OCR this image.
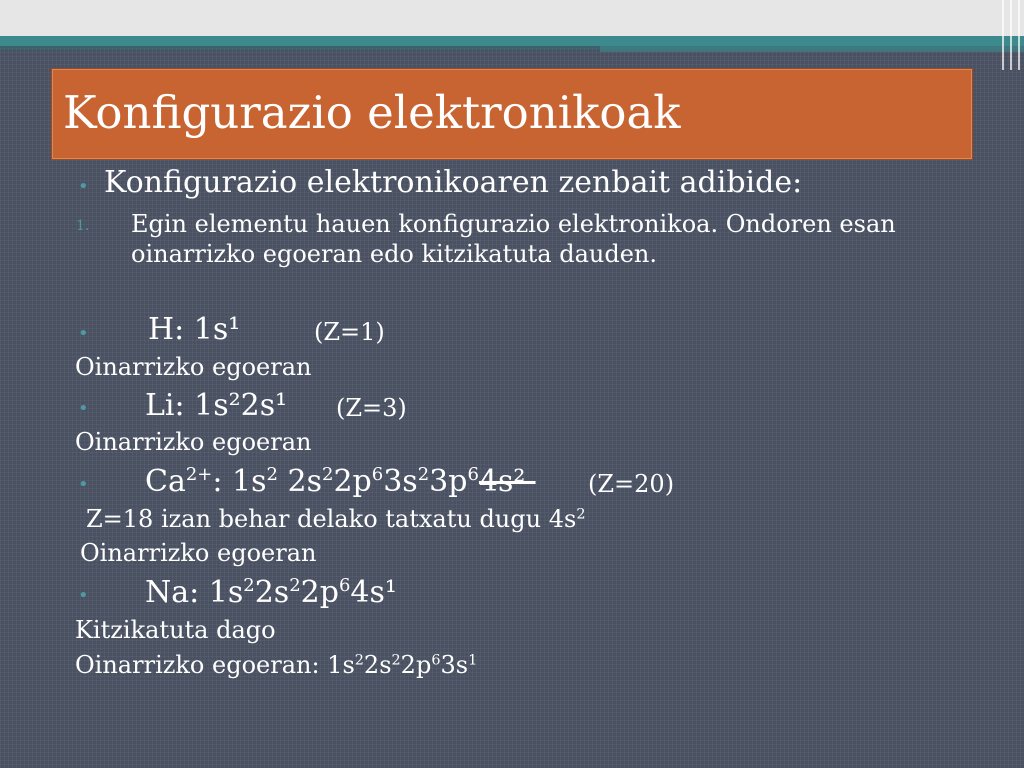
Konfigurazio elektronikoak
• Konfigurazio elektronikoaren zenbait adibide:
1. Egin elementu hauen konfigurazio elektronikoa. Ondoren esan
oinarrizko egoeran edo kitzikatuta dauden.
• H: 1s¹	(Z=1)
Oinarrizko egoeran
• Li: 1s²2s¹ (Z=3)
Oinarrizko egoeran
• $Ca^{2+}$: $1s^2$ $2s^22p^63s^23p^64s^2-$ (Z=20)
Z=18 izan behar delako tatxatu dugu $4s^2$
Oinarrizko egoeran
• Na: $1s^22s^22p^64s^1$
Kitzikatuta dago
Oinarrizko egoeran: $1s^22s^22p^63s^1$
